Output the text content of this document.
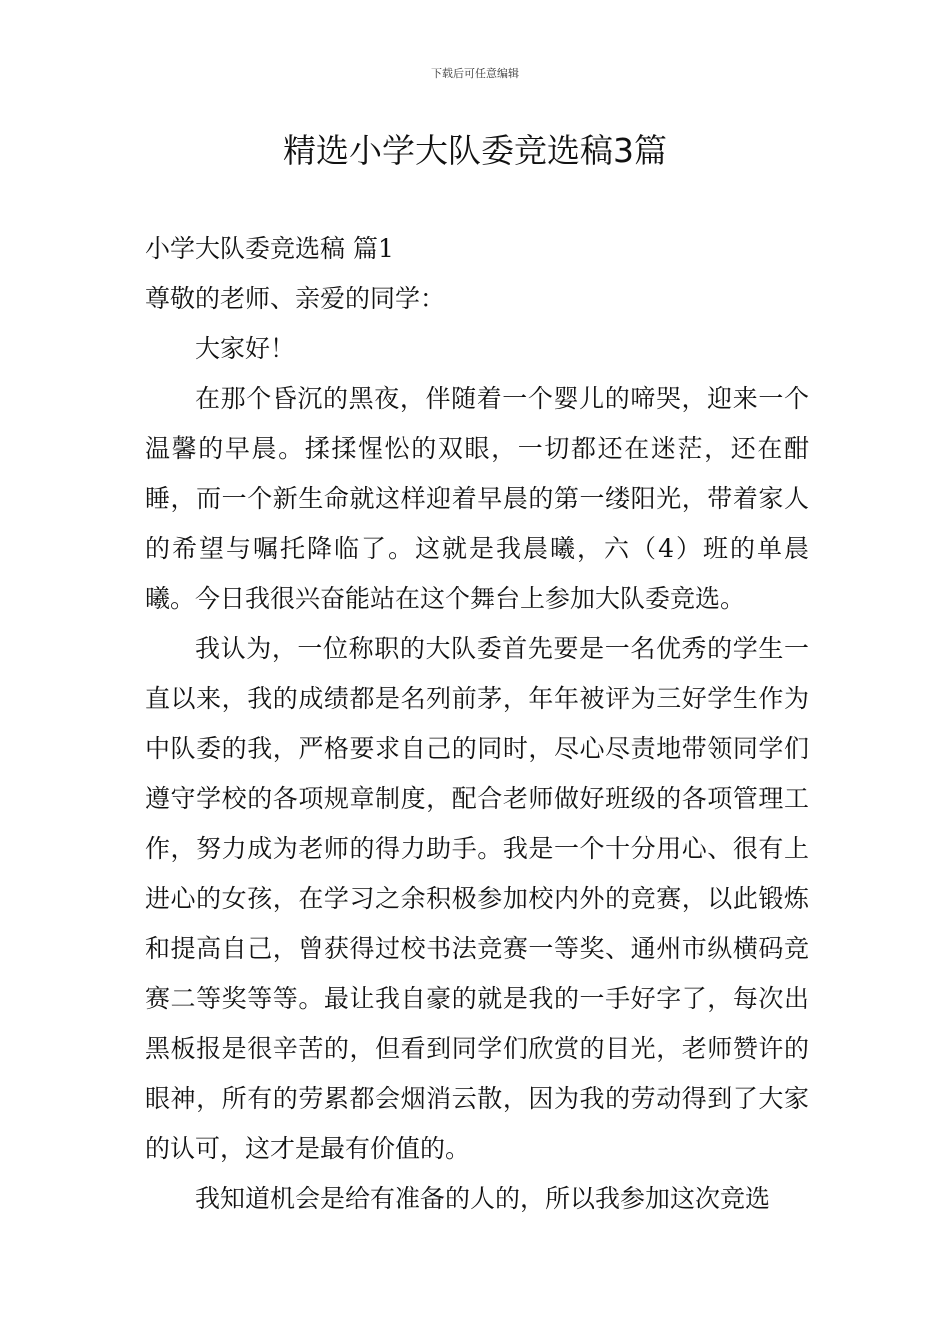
下载后可任意编辑
精选小学大队委竞选稿3篇

小学大队委竞选稿 篇1

尊敬的老师、亲爱的同学：

大家好！

在那个昏沉的黑夜，伴随着一个婴儿的啼哭，迎来一个温馨的早晨。揉揉惺忪的双眼，一切都还在迷茫，还在酣睡，而一个新生命就这样迎着早晨的第一缕阳光，带着家人的希望与嘱托降临了。这就是我晨曦，六（4）班的单晨曦。今日我很兴奋能站在这个舞台上参加大队委竞选。

我认为，一位称职的大队委首先要是一名优秀的学生一直以来，我的成绩都是名列前茅，年年被评为三好学生作为中队委的我，严格要求自己的同时，尽心尽责地带领同学们遵守学校的各项规章制度，配合老师做好班级的各项管理工作，努力成为老师的得力助手。我是一个十分用心、很有上进心的女孩，在学习之余积极参加校内外的竞赛，以此锻炼和提高自己，曾获得过校书法竞赛一等奖、通州市纵横码竞赛二等奖等等。最让我自豪的就是我的一手好字了，每次出黑板报是很辛苦的，但看到同学们欣赏的目光，老师赞许的眼神，所有的劳累都会烟消云散，因为我的劳动得到了大家的认可，这才是最有价值的。

我知道机会是给有准备的人的，所以我参加这次竞选
